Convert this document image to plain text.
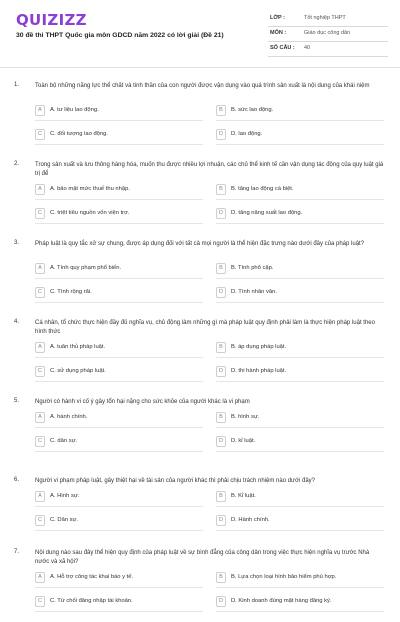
QUIZIZZ
30 đề thi THPT Quốc gia môn GDCD năm 2022 có lời giải (Đề 21)
LỚP :	Tốt nghiệp THPT
MÔN :	Giáo dục công dân
SỐ CÂU : 40
1.	Toàn bộ những năng lực thể chất và tinh thần của con người được vận dụng vào quá trình sản xuất là nội dung của khái niệm
A	A. tư liệu lao động.	B	B. sức lao động.
C	C. đối tượng lao động.	D	D. lao động.
2.	Trong sản xuất và lưu thông hàng hóa, muốn thu được nhiều lợi nhuận, các chủ thể kinh tế cần vận dụng tác động của quy luật giá trị để
A	A. bảo mật mức thuế thu nhập.	B	B. tăng lao động cá biệt.
C	C. triệt tiêu nguồn vốn viện trợ.	D	D. tăng năng suất lao động.
3.	Pháp luật là quy tắc xử sự chung, được áp dụng đối với tất cả mọi người là thể hiện đặc trưng nào dưới đây của pháp luật?
A	A. Tính quy phạm phổ biến.	B	B. Tính phổ cập.
C	C. Tính rộng rãi.	D	D. Tính nhân văn.
4.	Cá nhân, tổ chức thực hiện đầy đủ nghĩa vụ, chủ động làm những gì mà pháp luật quy định phải làm là thực hiện pháp luật theo hình thức
A	A. tuân thủ pháp luật.	B	B. áp dụng pháp luật.
C	C. sử dụng pháp luật.	D	D. thi hành pháp luật.
5.	Người có hành vi cố ý gây tổn hại nặng cho sức khỏe của người khác là vi phạm
A	A. hành chính.	B	B. hình sự.
C	C. dân sự.	D	D. kỉ luật.
6.	Người vi phạm pháp luật, gây thiệt hại về tài sản của người khác thì phải chịu trách nhiệm nào dưới đây?
A	A. Hình sự.	B	B. Kỉ luật.
C	C. Dân sự.	D	D. Hành chính.
7.	Nội dung nào sau đây thể hiện quy định của pháp luật về sự bình đẳng của công dân trong việc thực hiện nghĩa vụ trước Nhà nước và xã hội?
A	A. Hỗ trợ công tác khai báo y tế.	B	B. Lựa chọn loại hình bảo hiểm phù hợp.
C	C. Từ chối đăng nhập tài khoản.	D	D. Kinh doanh đúng mặt hàng đăng ký.
